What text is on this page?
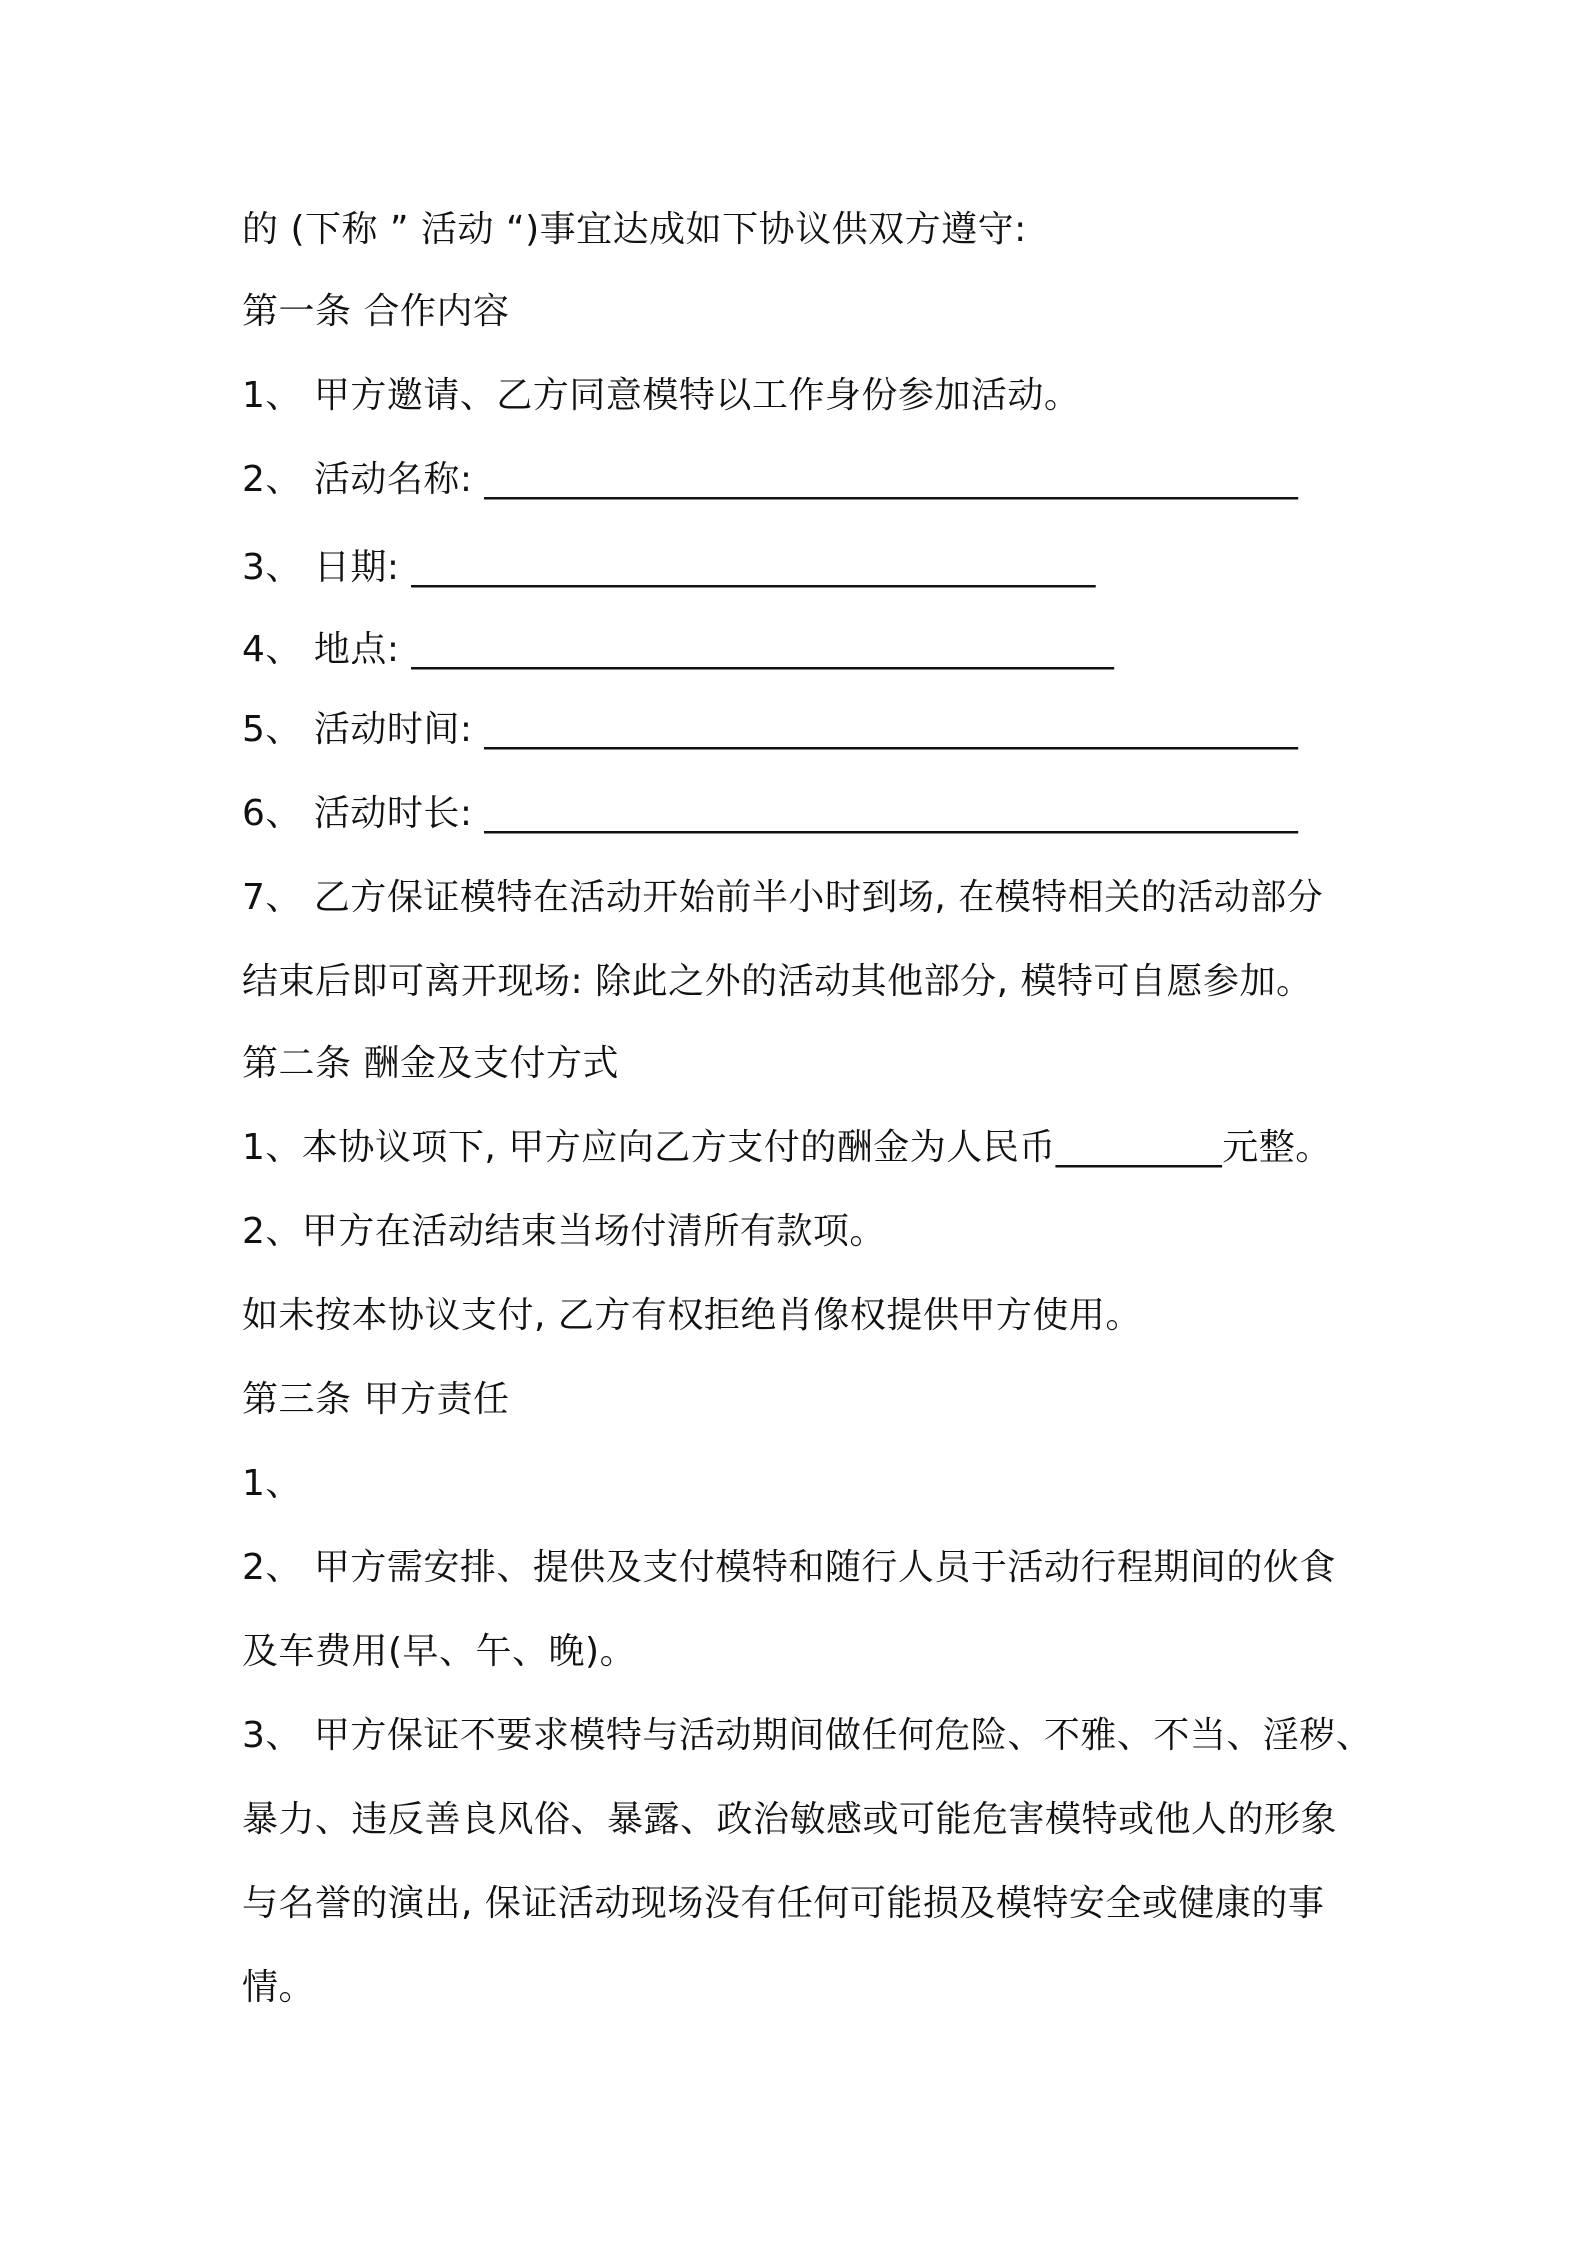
的 (下称 ” 活动 “)事宜达成如下协议供双方遵守:
第一条 合作内容
1、 甲方邀请、乙方同意模特以工作身份参加活动。
2、 活动名称: ____________________________________________
3、 日期: _____________________________________
4、 地点: ______________________________________
5、 活动时间: ____________________________________________
6、 活动时长: ____________________________________________
7、 乙方保证模特在活动开始前半小时到场, 在模特相关的活动部分
结束后即可离开现场: 除此之外的活动其他部分, 模特可自愿参加。
第二条 酬金及支付方式
1、本协议项下, 甲方应向乙方支付的酬金为人民币_________元整。
2、甲方在活动结束当场付清所有款项。
如未按本协议支付, 乙方有权拒绝肖像权提供甲方使用。
第三条 甲方责任
1、
2、 甲方需安排、提供及支付模特和随行人员于活动行程期间的伙食
及车费用(早、午、晚)。
3、 甲方保证不要求模特与活动期间做任何危险、不雅、不当、淫秽、
暴力、违反善良风俗、暴露、政治敏感或可能危害模特或他人的形象
与名誉的演出, 保证活动现场没有任何可能损及模特安全或健康的事
情。
